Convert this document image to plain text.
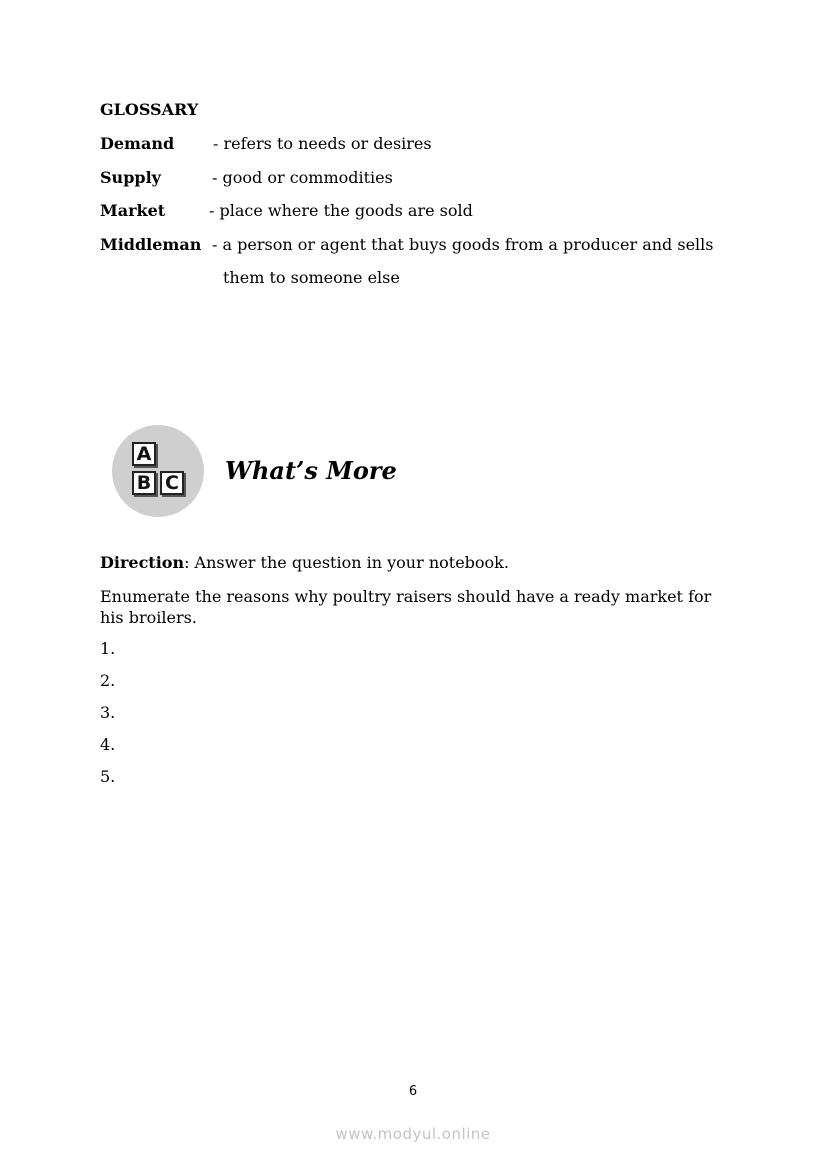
GLOSSARY
Demand - refers to needs or desires
Supply	- good or commodities
Market	- place where the goods are sold
Middleman - a person or agent that buys goods from a producer and sells
them to someone else
A
B C What’s More
Direction: Answer the question in your notebook.
Enumerate the reasons why poultry raisers should have a ready market for his broilers.
1.
2.
3.
4.
5.
6
www.modyul.online
